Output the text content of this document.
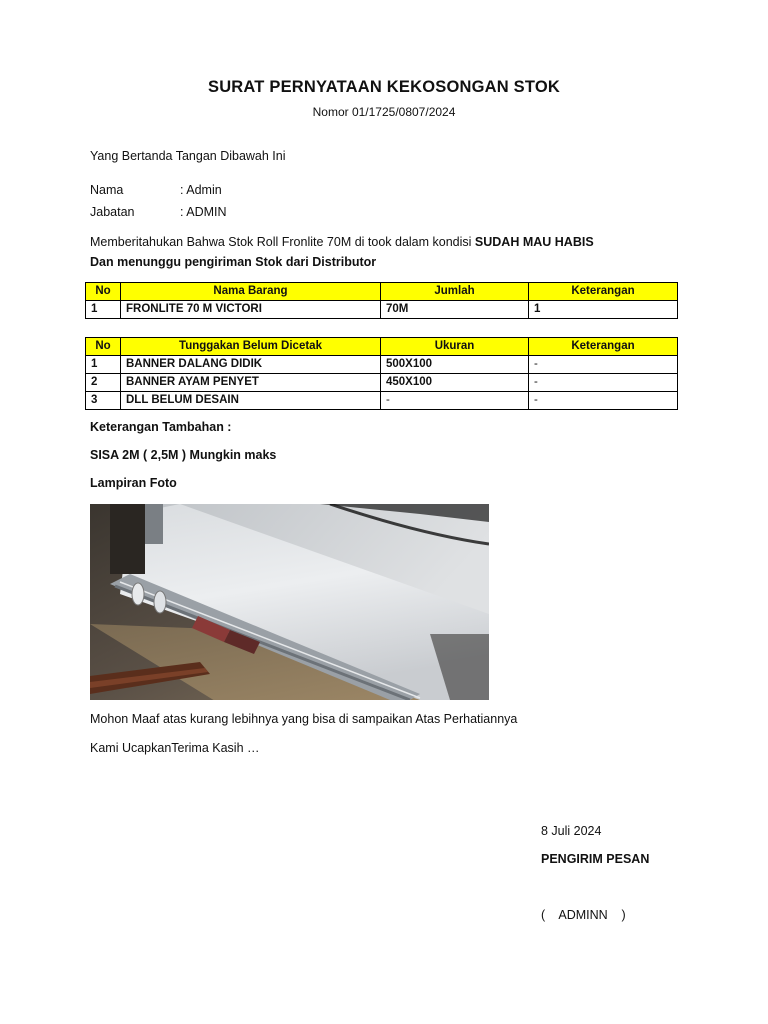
SURAT PERNYATAAN KEKOSONGAN STOK
Nomor 01/1725/0807/2024
Yang Bertanda Tangan Dibawah Ini
Nama	: Admin
Jabatan	: ADMIN
Memberitahukan Bahwa Stok Roll Fronlite 70M di took dalam kondisi SUDAH MAU HABIS
Dan menunggu pengiriman Stok dari Distributor
No	Nama Barang	Jumlah	Keterangan
1	FRONLITE 70 M VICTORI	70M	1
No	Tunggakan Belum Dicetak	Ukuran	Keterangan
1	BANNER DALANG DIDIK	500X100	-
2	BANNER AYAM PENYET	450X100	-
3	DLL BELUM DESAIN	-	-
Keterangan Tambahan :
SISA 2M ( 2,5M ) Mungkin maks
Lampiran Foto
Mohon Maaf atas kurang lebihnya yang bisa di sampaikan Atas Perhatiannya
Kami UcapkanTerima Kasih …
8 Juli 2024
PENGIRIM PESAN
(    ADMINN    )
